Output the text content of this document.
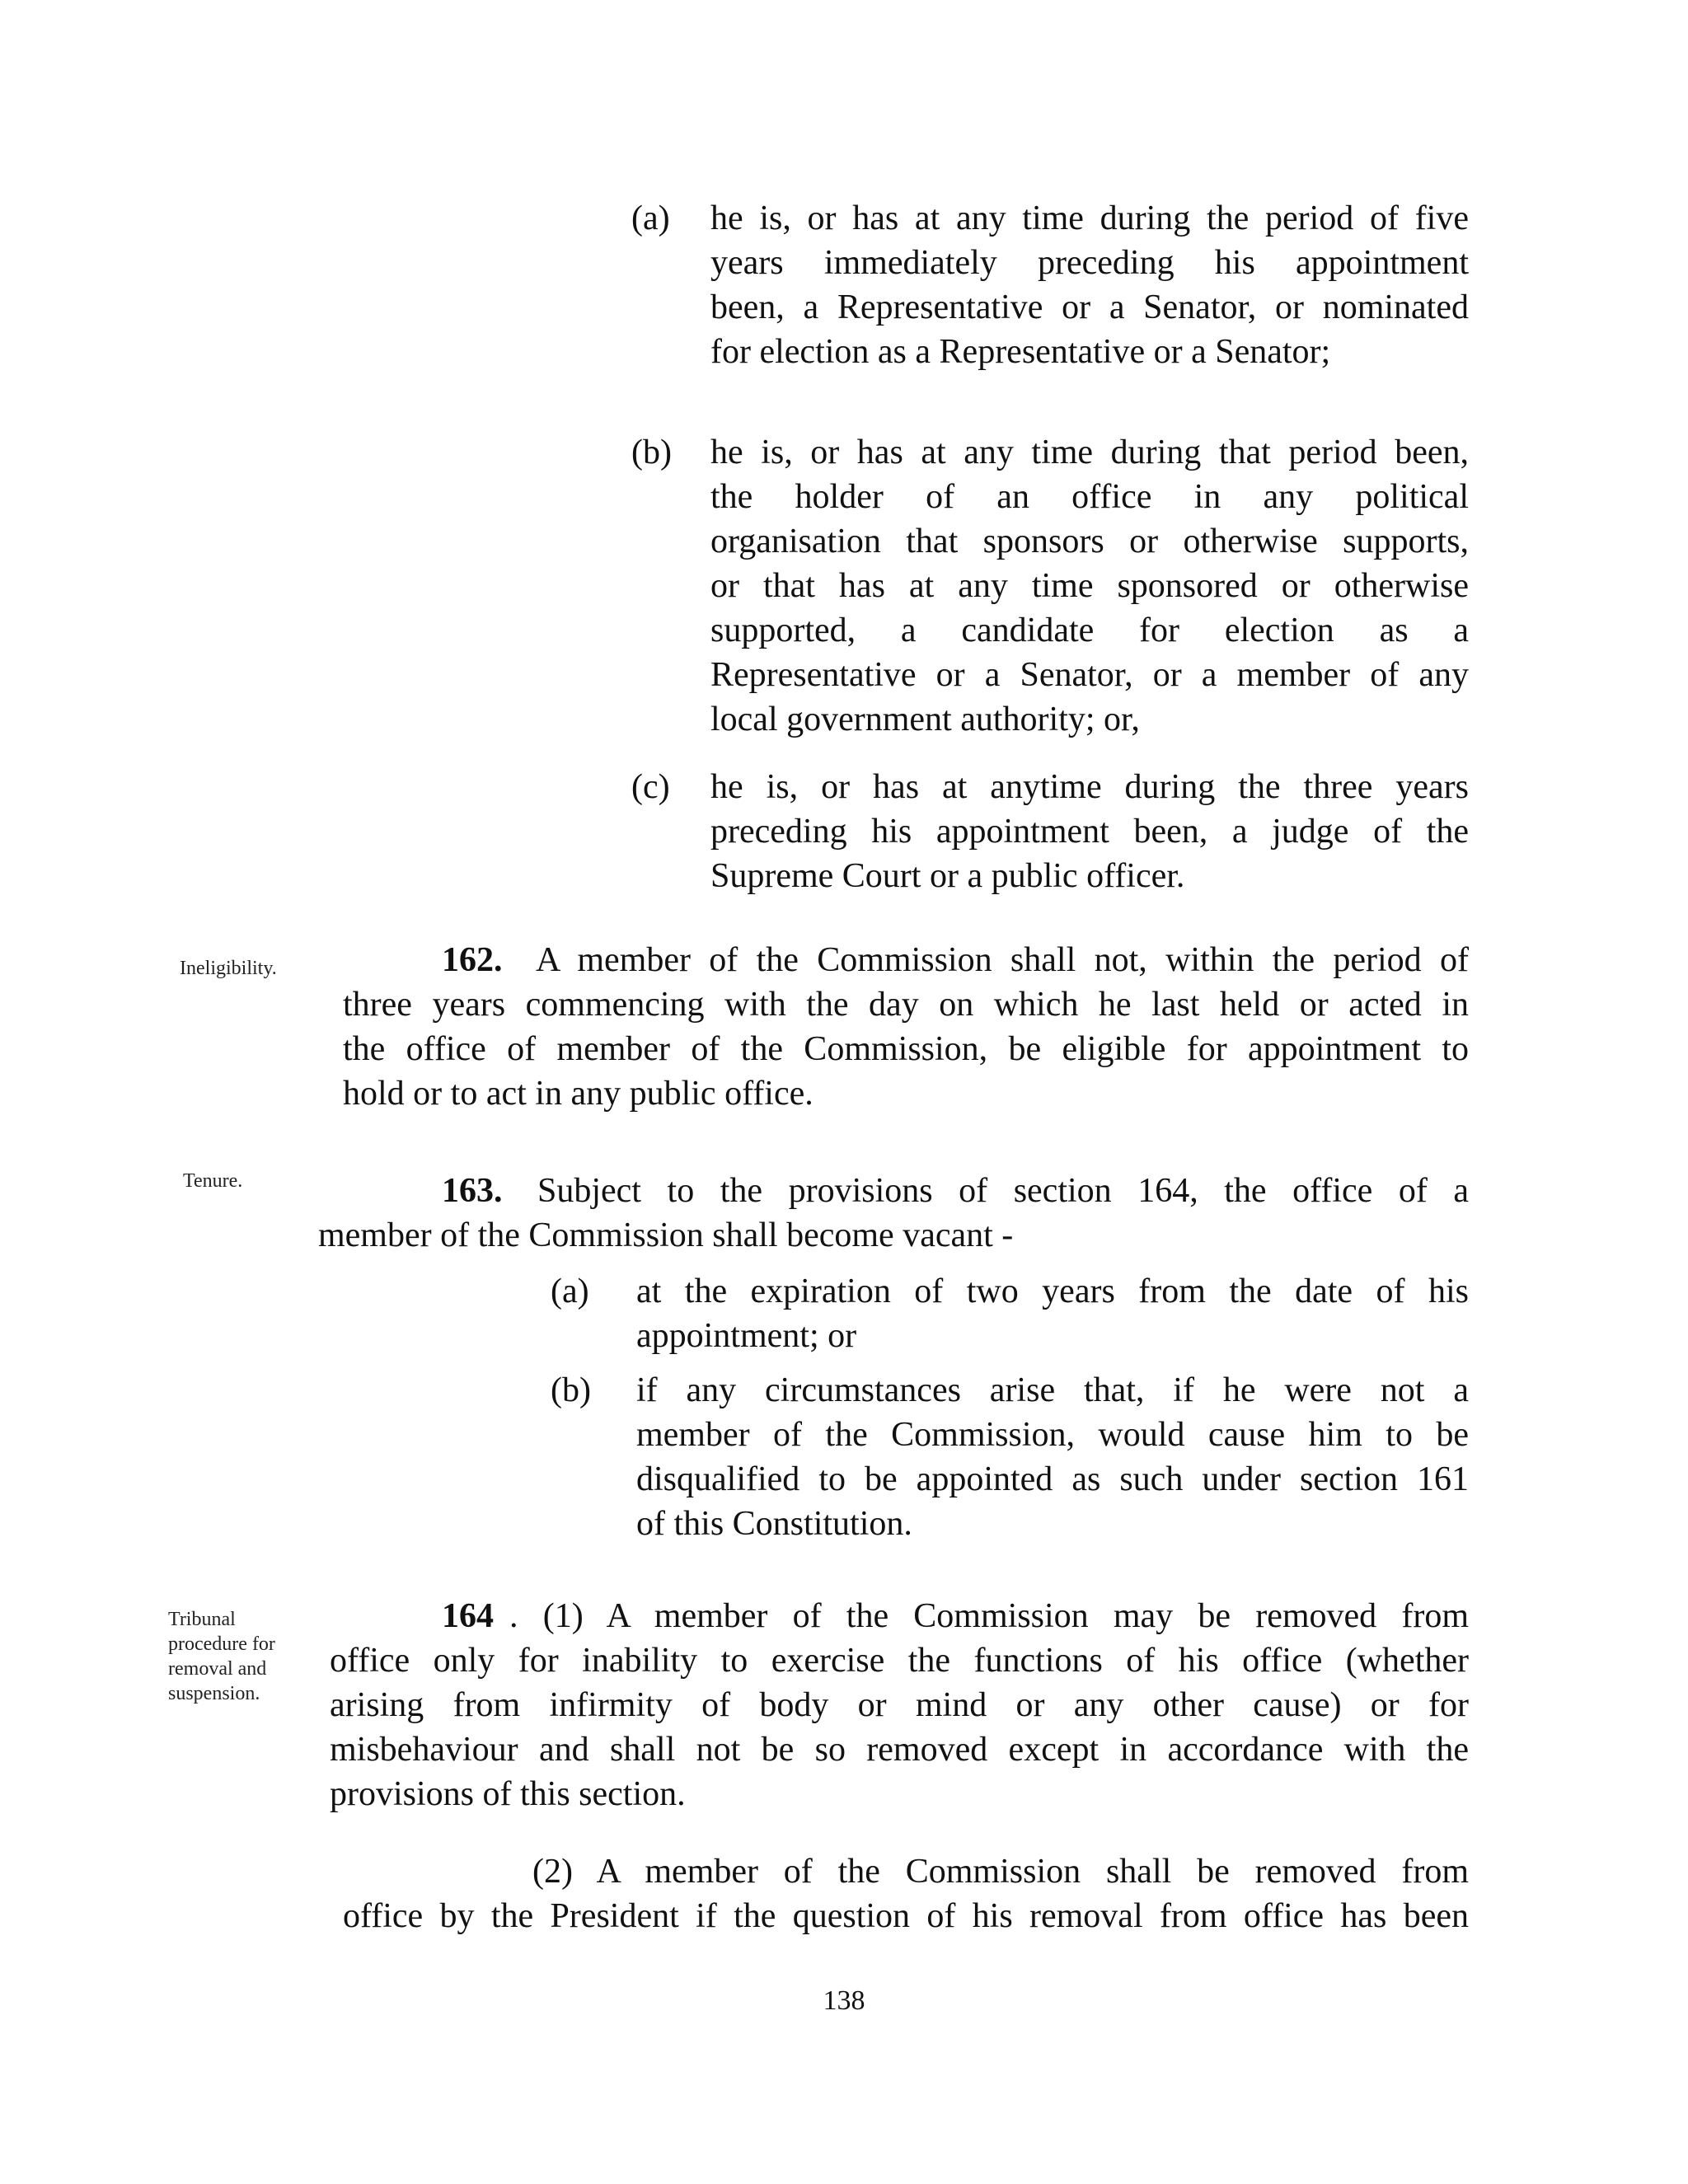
(a) he is, or has at any time during the period of five
years immediately preceding his appointment
been, a Representative or a Senator, or nominated
for election as a Representative or a Senator;
(b) he is, or has at any time during that period been,
the holder of an office in any political
organisation that sponsors or otherwise supports,
or that has at any time sponsored or otherwise
supported, a candidate for election as a
Representative or a Senator, or a member of any
local government authority; or,
(c) he is, or has at anytime during the three years
preceding his appointment been, a judge of the
Supreme Court or a public officer.
Ineligibility.	162. A member of the Commission shall not, within the period of
three years commencing with the day on which he last held or acted in
the office of member of the Commission, be eligible for appointment to
hold or to act in any public office.
Tenure.	163. Subject to the provisions of section 164, the office of a
member of the Commission shall become vacant -
(a) at the expiration of two years from the date of his
appointment; or
(b) if any circumstances arise that, if he were not a
member of the Commission, would cause him to be
disqualified to be appointed as such under section 161
of this Constitution.
Tribunal
procedure for
removal and
suspension.
164 . (1) A member of the Commission may be removed from
office only for inability to exercise the functions of his office (whether
arising from infirmity of body or mind or any other cause) or for
misbehaviour and shall not be so removed except in accordance with the
provisions of this section.
(2) A member of the Commission shall be removed from
office by the President if the question of his removal from office has been
138
